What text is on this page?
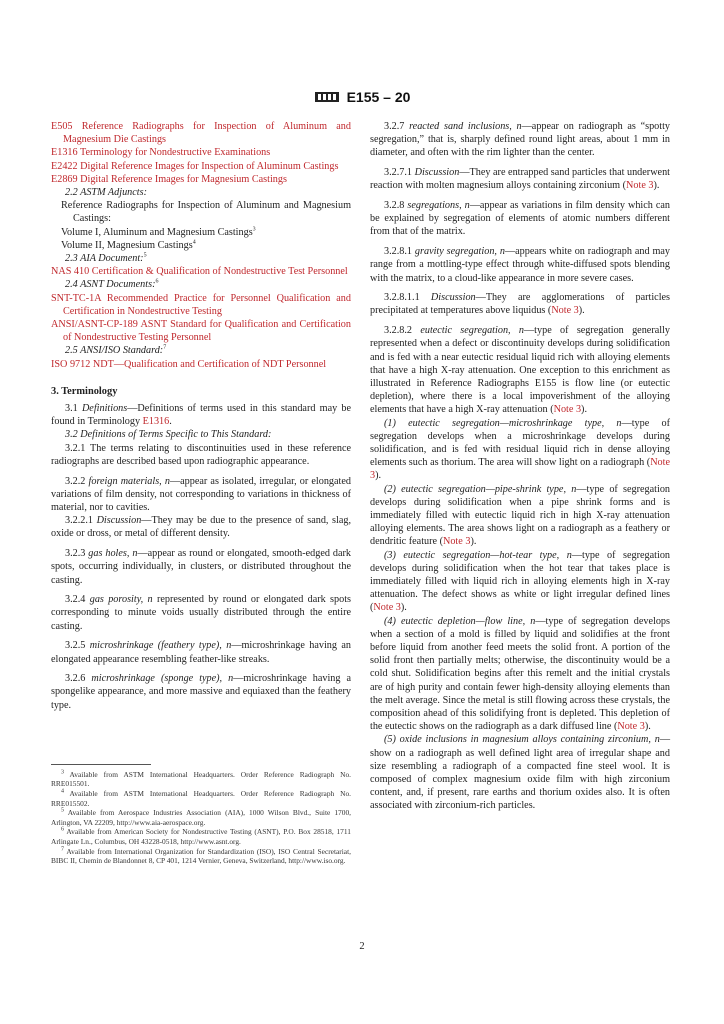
E155 – 20

E505 Reference Radiographs for Inspection of Aluminum and Magnesium Die Castings

E1316 Terminology for Nondestructive Examinations

E2422 Digital Reference Images for Inspection of Aluminum Castings

E2869 Digital Reference Images for Magnesium Castings

2.2 ASTM Adjuncts:

Reference Radiographs for Inspection of Aluminum and Magnesium Castings:

Volume I, Aluminum and Magnesium Castings$^3$

Volume II, Magnesium Castings$^4$

2.3 AIA Document:$^5$

NAS 410 Certification & Qualification of Nondestructive Test Personnel

2.4 ASNT Documents:$^6$

SNT-TC-1A Recommended Practice for Personnel Qualification and Certification in Nondestructive Testing

ANSI/ASNT-CP-189 ASNT Standard for Qualification and Certification of Nondestructive Testing Personnel

2.5 ANSI/ISO Standard:$^7$

ISO 9712 NDT—Qualification and Certification of NDT Personnel

3. Terminology

3.1 Definitions—Definitions of terms used in this standard may be found in Terminology E1316.

3.2 Definitions of Terms Specific to This Standard:

3.2.1 The terms relating to discontinuities used in these reference radiographs are described based upon radiographic appearance.

3.2.2 foreign materials, n—appear as isolated, irregular, or elongated variations of film density, not corresponding to variations in thickness of material, nor to cavities.

3.2.2.1 Discussion—They may be due to the presence of sand, slag, oxide or dross, or metal of different density.

3.2.3 gas holes, n—appear as round or elongated, smooth-edged dark spots, occurring individually, in clusters, or distributed throughout the casting.

3.2.4 gas porosity, n represented by round or elongated dark spots corresponding to minute voids usually distributed through the entire casting.

3.2.5 microshrinkage (feathery type), n—microshrinkage having an elongated appearance resembling feather-like streaks.

3.2.6 microshrinkage (sponge type), n—microshrinkage having a spongelike appearance, and more massive and equiaxed than the feathery type.

$^3$ Available from ASTM International Headquarters. Order Reference Radiograph No. RRE015501.

$^4$ Available from ASTM International Headquarters. Order Reference Radiograph No. RRE015502.

$^5$ Available from Aerospace Industries Association (AIA), 1000 Wilson Blvd., Suite 1700, Arlington, VA 22209, http://www.aia-aerospace.org.

$^6$ Available from American Society for Nondestructive Testing (ASNT), P.O. Box 28518, 1711 Arlingate Ln., Columbus, OH 43228-0518, http://www.asnt.org.

$^7$ Available from International Organization for Standardization (ISO), ISO Central Secretariat, BIBC II, Chemin de Blandonnet 8, CP 401, 1214 Vernier, Geneva, Switzerland, http://www.iso.org.

3.2.7 reacted sand inclusions, n—appear on radiograph as “spotty segregation,” that is, sharply defined round light areas, about 1 mm in diameter, and often with the rim lighter than the center.

3.2.7.1 Discussion—They are entrapped sand particles that underwent reaction with molten magnesium alloys containing zirconium (Note 3).

3.2.8 segregations, n—appear as variations in film density which can be explained by segregation of elements of atomic numbers different from that of the matrix.

3.2.8.1 gravity segregation, n—appears white on radiograph and may range from a mottling-type effect through white-diffused spots blending with the matrix, to a cloud-like appearance in more severe cases.

3.2.8.1.1 Discussion—They are agglomerations of particles precipitated at temperatures above liquidus (Note 3).

3.2.8.2 eutectic segregation, n—type of segregation generally represented when a defect or discontinuity develops during solidification and is fed with a near eutectic residual liquid rich with alloying elements that have a high X-ray attenuation. One exception to this enrichment as illustrated in Reference Radiographs E155 is flow line (or eutectic depletion), where there is a local impoverishment of the alloying elements that have a high X-ray attenuation (Note 3).

(1) eutectic segregation—microshrinkage type, n—type of segregation develops when a microshrinkage develops during solidification, and is fed with residual liquid rich in dense alloying elements such as thorium. The area will show light on a radiograph (Note 3).

(2) eutectic segregation—pipe-shrink type, n—type of segregation develops during solidification when a pipe shrink forms and is immediately filled with eutectic liquid rich in high X-ray attenuation alloying elements. The area shows light on a radiograph as a feathery or dendritic feature (Note 3).

(3) eutectic segregation—hot-tear type, n—type of segregation develops during solidification when the hot tear that takes place is immediately filled with liquid rich in alloying elements high in X-ray attenuation. The defect shows as white or light irregular defined lines (Note 3).

(4) eutectic depletion—flow line, n—type of segregation develops when a section of a mold is filled by liquid and solidifies at the front before liquid from another feed meets the solid front. A portion of the solid front then partially melts; otherwise, the discontinuity would be a cold shut. Solidification begins after this remelt and the initial crystals are of high purity and contain fewer high-density alloying elements than the melt average. Since the metal is still flowing across these crystals, the composition ahead of this solidifying front is depleted. This depletion of the eutectic shows on the radiograph as a dark diffused line (Note 3).

(5) oxide inclusions in magnesium alloys containing zirconium, n—show on a radiograph as well defined light area of irregular shape and size resembling a radiograph of a compacted fine steel wool. It is composed of complex magnesium oxide film with high zirconium content, and, if present, rare earths and thorium oxides also. It is often associated with zirconium-rich particles.

2
